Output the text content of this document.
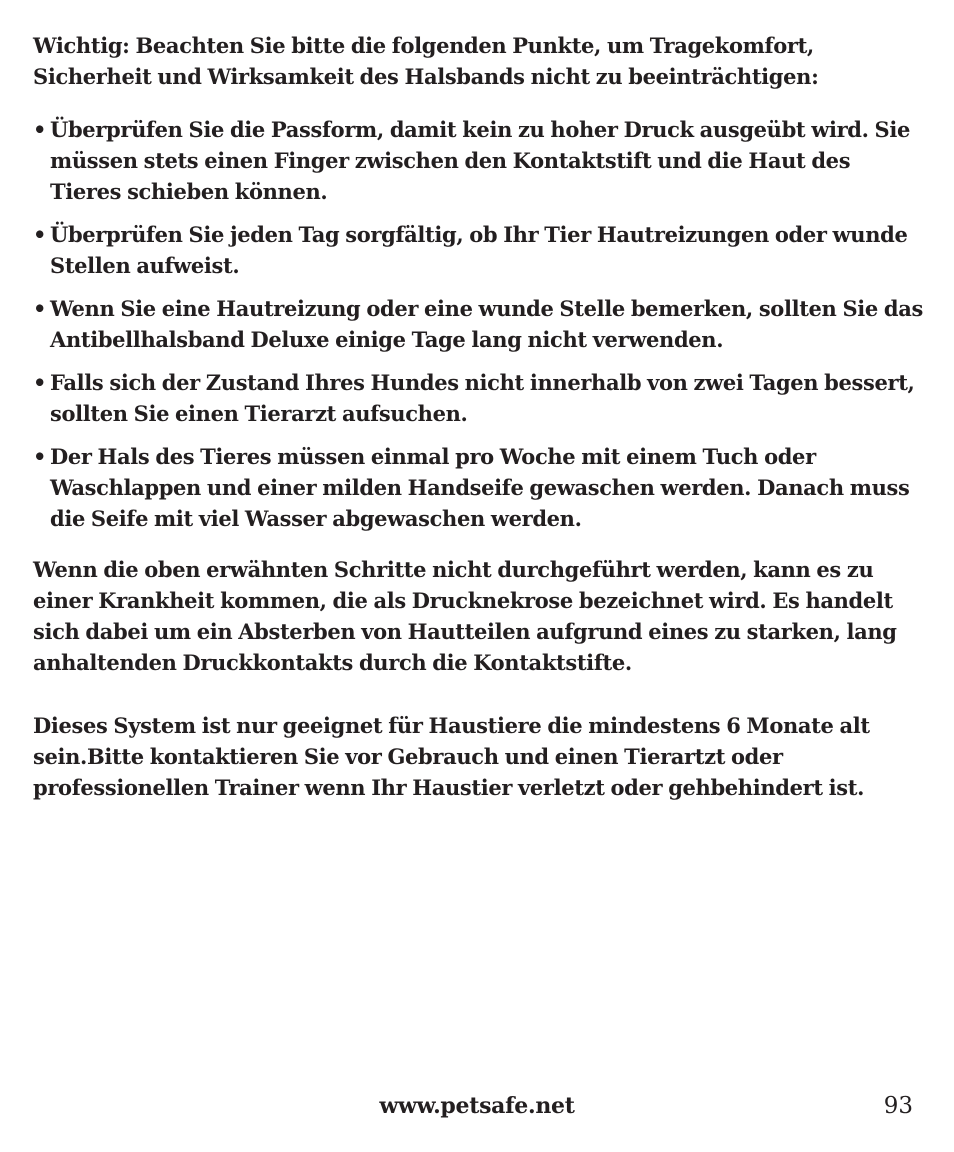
Wichtig: Beachten Sie bitte die folgenden Punkte, um Tragekomfort, Sicherheit und Wirksamkeit des Halsbands nicht zu beeinträchtigen:

• Überprüfen Sie die Passform, damit kein zu hoher Druck ausgeübt wird. Sie müssen stets einen Finger zwischen den Kontaktstift und die Haut des Tieres schieben können.
• Überprüfen Sie jeden Tag sorgfältig, ob Ihr Tier Hautreizungen oder wunde Stellen aufweist.
• Wenn Sie eine Hautreizung oder eine wunde Stelle bemerken, sollten Sie das Antibellhalsband Deluxe einige Tage lang nicht verwenden.
• Falls sich der Zustand Ihres Hundes nicht innerhalb von zwei Tagen bessert, sollten Sie einen Tierarzt aufsuchen.
• Der Hals des Tieres müssen einmal pro Woche mit einem Tuch oder Waschlappen und einer milden Handseife gewaschen werden. Danach muss die Seife mit viel Wasser abgewaschen werden.

Wenn die oben erwähnten Schritte nicht durchgeführt werden, kann es zu einer Krankheit kommen, die als Drucknekrose bezeichnet wird. Es handelt sich dabei um ein Absterben von Hautteilen aufgrund eines zu starken, lang anhaltenden Druckkontakts durch die Kontaktstifte.

Dieses System ist nur geeignet für Haustiere die mindestens 6 Monate alt sein.Bitte kontaktieren Sie vor Gebrauch und einen Tierartzt oder professionellen Trainer wenn Ihr Haustier verletzt oder gehbehindert ist.

www.petsafe.net	93
